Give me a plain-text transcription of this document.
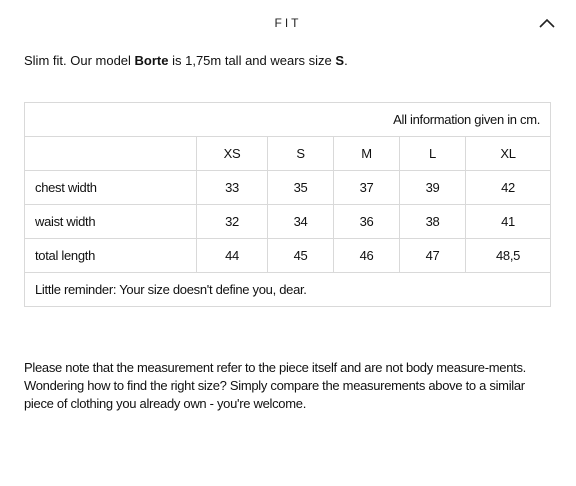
FIT
Slim fit. Our model Borte is 1,75m tall and wears size S.
All information given in cm.					
	XS	S	M	L	XL
chest width	33	35	37	39	42
waist width	32	34	36	38	41
total length	44	45	46	47	48,5
Little reminder: Your size doesn't define you, dear.					

Please note that the measurement refer to the piece itself and are not body measure-ments.

Wondering how to find the right size? Simply compare the measurements above to a similar piece of clothing you already own - you're welcome.
